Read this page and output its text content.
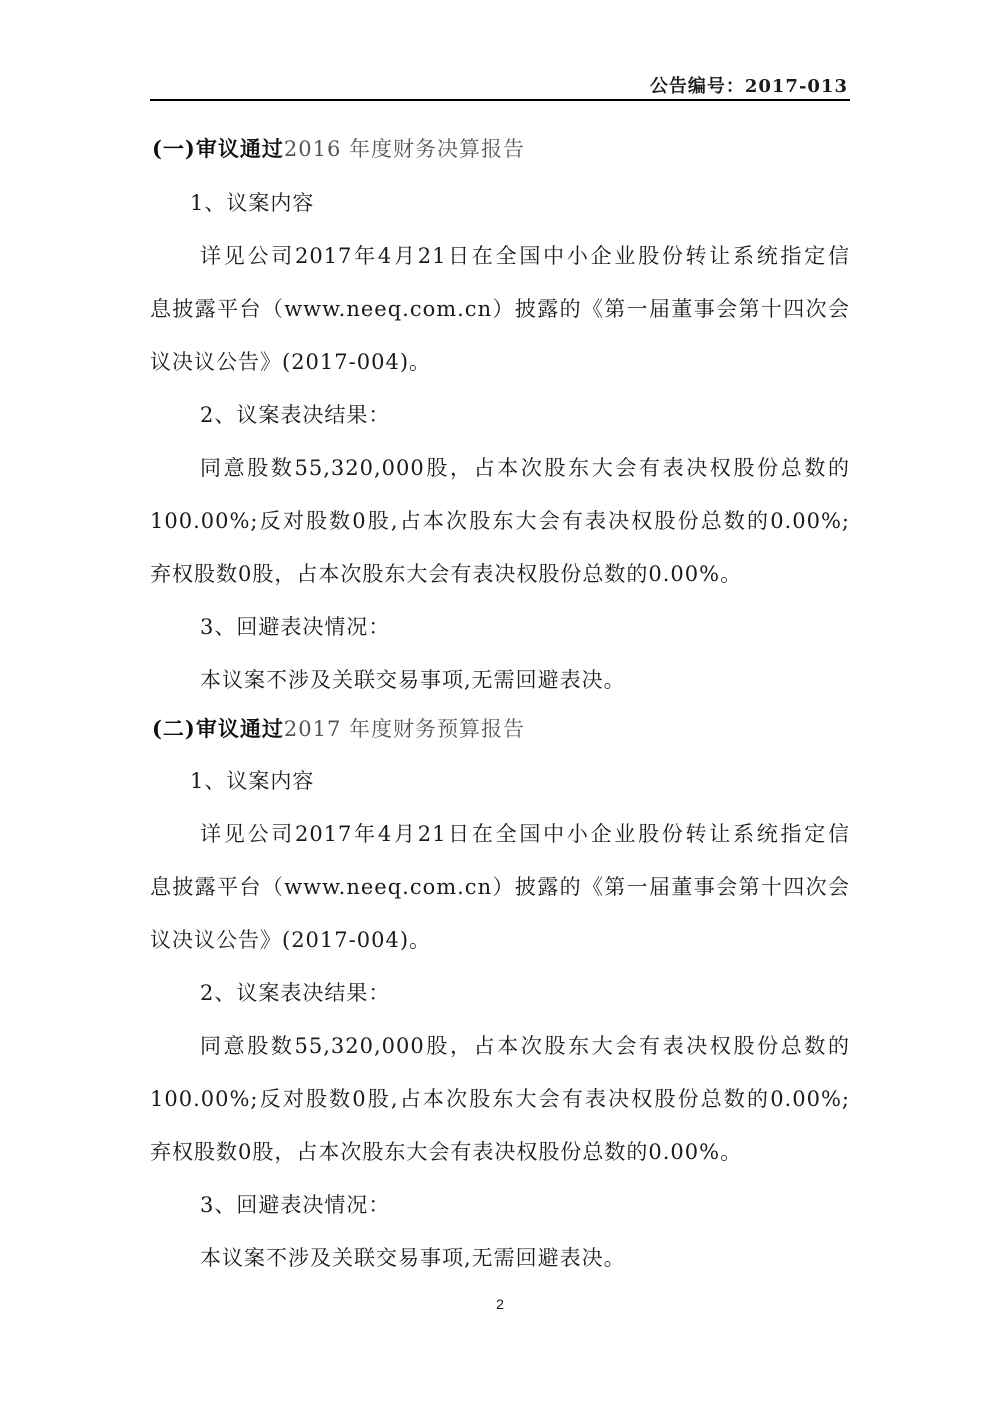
公告编号：2017-013
(一)审议通过2016 年度财务决算报告
1、议案内容
详见公司2017年4月21日在全国中小企业股份转让系统指定信
息披露平台（www.neeq.com.cn）披露的《第一届董事会第十四次会
议决议公告》(2017-004)。
2、议案表决结果：
同意股数55,320,000股，占本次股东大会有表决权股份总数的
100.00%;反对股数0股,占本次股东大会有表决权股份总数的0.00%;
弃权股数0股，占本次股东大会有表决权股份总数的0.00%。
3、回避表决情况：
本议案不涉及关联交易事项,无需回避表决。
(二)审议通过2017 年度财务预算报告
1、议案内容
详见公司2017年4月21日在全国中小企业股份转让系统指定信
息披露平台（www.neeq.com.cn）披露的《第一届董事会第十四次会
议决议公告》(2017-004)。
2、议案表决结果：
同意股数55,320,000股，占本次股东大会有表决权股份总数的
100.00%;反对股数0股,占本次股东大会有表决权股份总数的0.00%;
弃权股数0股，占本次股东大会有表决权股份总数的0.00%。
3、回避表决情况：
本议案不涉及关联交易事项,无需回避表决。
2
